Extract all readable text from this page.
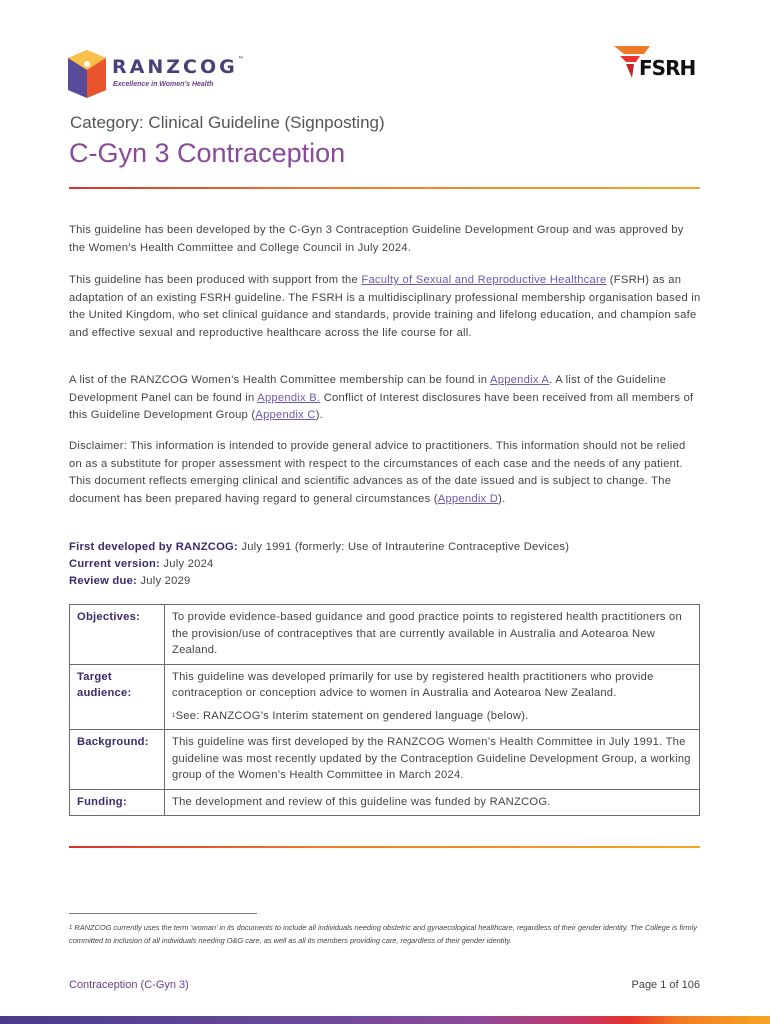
RANZCOG™
Excellence in Women's Health
FSRH
Category: Clinical Guideline (Signposting)
C-Gyn 3 Contraception

This guideline has been developed by the C-Gyn 3 Contraception Guideline Development Group and was approved by the Women’s Health Committee and College Council in July 2024.

This guideline has been produced with support from the Faculty of Sexual and Reproductive Healthcare (FSRH) as an adaptation of an existing FSRH guideline. The FSRH is a multidisciplinary professional membership organisation based in the United Kingdom, who set clinical guidance and standards, provide training and lifelong education, and champion safe and effective sexual and reproductive healthcare across the life course for all.

A list of the RANZCOG Women’s Health Committee membership can be found in Appendix A. A list of the Guideline Development Panel can be found in Appendix B. Conflict of Interest disclosures have been received from all members of this Guideline Development Group (Appendix C).

Disclaimer: This information is intended to provide general advice to practitioners. This information should not be relied on as a substitute for proper assessment with respect to the circumstances of each case and the needs of any patient. This document reflects emerging clinical and scientific advances as of the date issued and is subject to change. The document has been prepared having regard to general circumstances (Appendix D).

First developed by RANZCOG: July 1991 (formerly: Use of Intrauterine Contraceptive Devices)
Current version: July 2024
Review due: July 2029
Objectives:	To provide evidence-based guidance and good practice points to registered health practitioners on the provision/use of contraceptives that are currently available in Australia and Aotearoa New Zealand.
Target audience:	This guideline was developed primarily for use by registered health practitioners who provide contraception or conception advice to women in Australia and Aotearoa New Zealand.
$^1$See: RANZCOG’s Interim statement on gendered language (below).

Background:	This guideline was first developed by the RANZCOG Women’s Health Committee in July 1991. The guideline was most recently updated by the Contraception Guideline Development Group, a working group of the Women’s Health Committee in March 2024.
Funding:	The development and review of this guideline was funded by RANZCOG.
$^1$ RANZCOG currently uses the term ‘woman’ in its documents to include all individuals needing obstetric and gynaecological healthcare, regardless of their gender identity. The College is firmly committed to inclusion of all individuals needing O&G care, as well as all its members providing care, regardless of their gender identity.
Contraception (C-Gyn 3)	Page 1 of 106
